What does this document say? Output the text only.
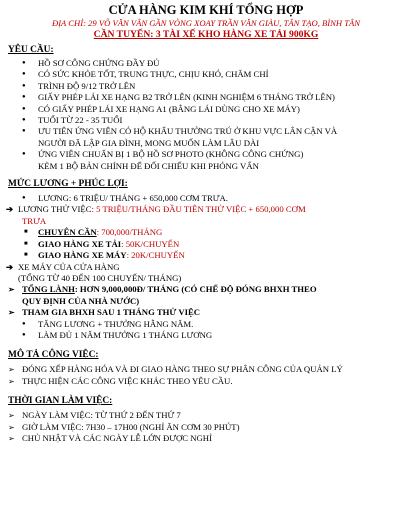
CỬA HÀNG KIM KHÍ TỔNG HỢP
ĐỊA CHỈ: 29 VÕ VĂN VÂN GẦN VÒNG XOAY TRẦN VĂN GIÀU, TÂN TẠO, BÌNH TÂN
CẦN TUYỂN: 3 TÀI XẾ KHO HÀNG XE TẢI 900KG
YÊU CẦU:
● HỒ SƠ CÔNG CHỨNG ĐẦY ĐỦ
● CÓ SỨC KHỎE TỐT, TRUNG THỰC, CHỊU KHÓ, CHĂM CHỈ
● TRÌNH ĐỘ 9/12 TRỞ LÊN
● GIẤY PHÉP LÁI XE HẠNG B2 TRỞ LÊN (KINH NGHIỆM 6 THÁNG TRỞ LÊN)
● CÓ GIẤY PHÉP LÁI XE HẠNG A1 (BẰNG LÁI DÙNG CHO XE MÁY)
● TUỔI TỪ 22 - 35 TUỔI
● ƯU TIÊN ỨNG VIÊN CÓ HỘ KHẨU THƯỜNG TRÚ Ở KHU VỰC LÂN CẬN VÀ
NGƯỜI ĐÃ LẬP GIA ĐÌNH, MONG MUỐN LÀM LÂU DÀI
● ỨNG VIÊN CHUẨN BỊ 1 BỘ HỒ SƠ PHOTO (KHÔNG CÔNG CHỨNG)
KÈM 1 BỘ BẢN CHÍNH ĐỂ ĐỐI CHIẾU KHI PHỎNG VẤN
MỨC LƯƠNG + PHÚC LỢI:
● LƯƠNG: 6 TRIỆU/ THÁNG + 650,000 CƠM TRƯA.
➔ LƯƠNG THỬ VIỆC: 5 TRIỆU/THÁNG ĐẦU TIÊN THỬ VIỆC + 650,000 CƠM
TRƯA
■ CHUYÊN CẦN: 700,000/THÁNG
■ GIAO HÀNG XE TẢI: 50K/CHUYẾN
■ GIAO HÀNG XE MÁY: 20K/CHUYẾN
➔ XE MÁY CỦA CỬA HÀNG
(TỔNG TỪ 40 ĐẾN 100 CHUYẾN/ THÁNG)
➢ TỔNG LÀNH: HƠN 9,000,000Đ/ THÁNG (CÓ CHẾ ĐỘ ĐÓNG BHXH THEO
QUY ĐỊNH CỦA NHÀ NƯỚC)
➢ THAM GIA BHXH SAU 1 THÁNG THỬ VIỆC
● TĂNG LƯƠNG + THƯỞNG HẰNG NĂM.
● LÀM ĐỦ 1 NĂM THƯỞNG 1 THÁNG LƯƠNG
MÔ TẢ CÔNG VIỆC:
➢ ĐÓNG XẾP HÀNG HÓA VÀ ĐI GIAO HÀNG THEO SỰ PHÂN CÔNG CỦA QUẢN LÝ
➢ THỰC HIỆN CÁC CÔNG VIỆC KHÁC THEO YÊU CẦU.
THỜI GIAN LÀM VIỆC:
➢ NGÀY LÀM VIỆC: TỪ THỨ 2 ĐẾN THỨ 7
➢ GIỜ LÀM VIỆC: 7H30 – 17H00 (NGHỈ ĂN CƠM 30 PHÚT)
➢ CHỦ NHẬT VÀ CÁC NGÀY LỄ LỚN ĐƯỢC NGHỈ
